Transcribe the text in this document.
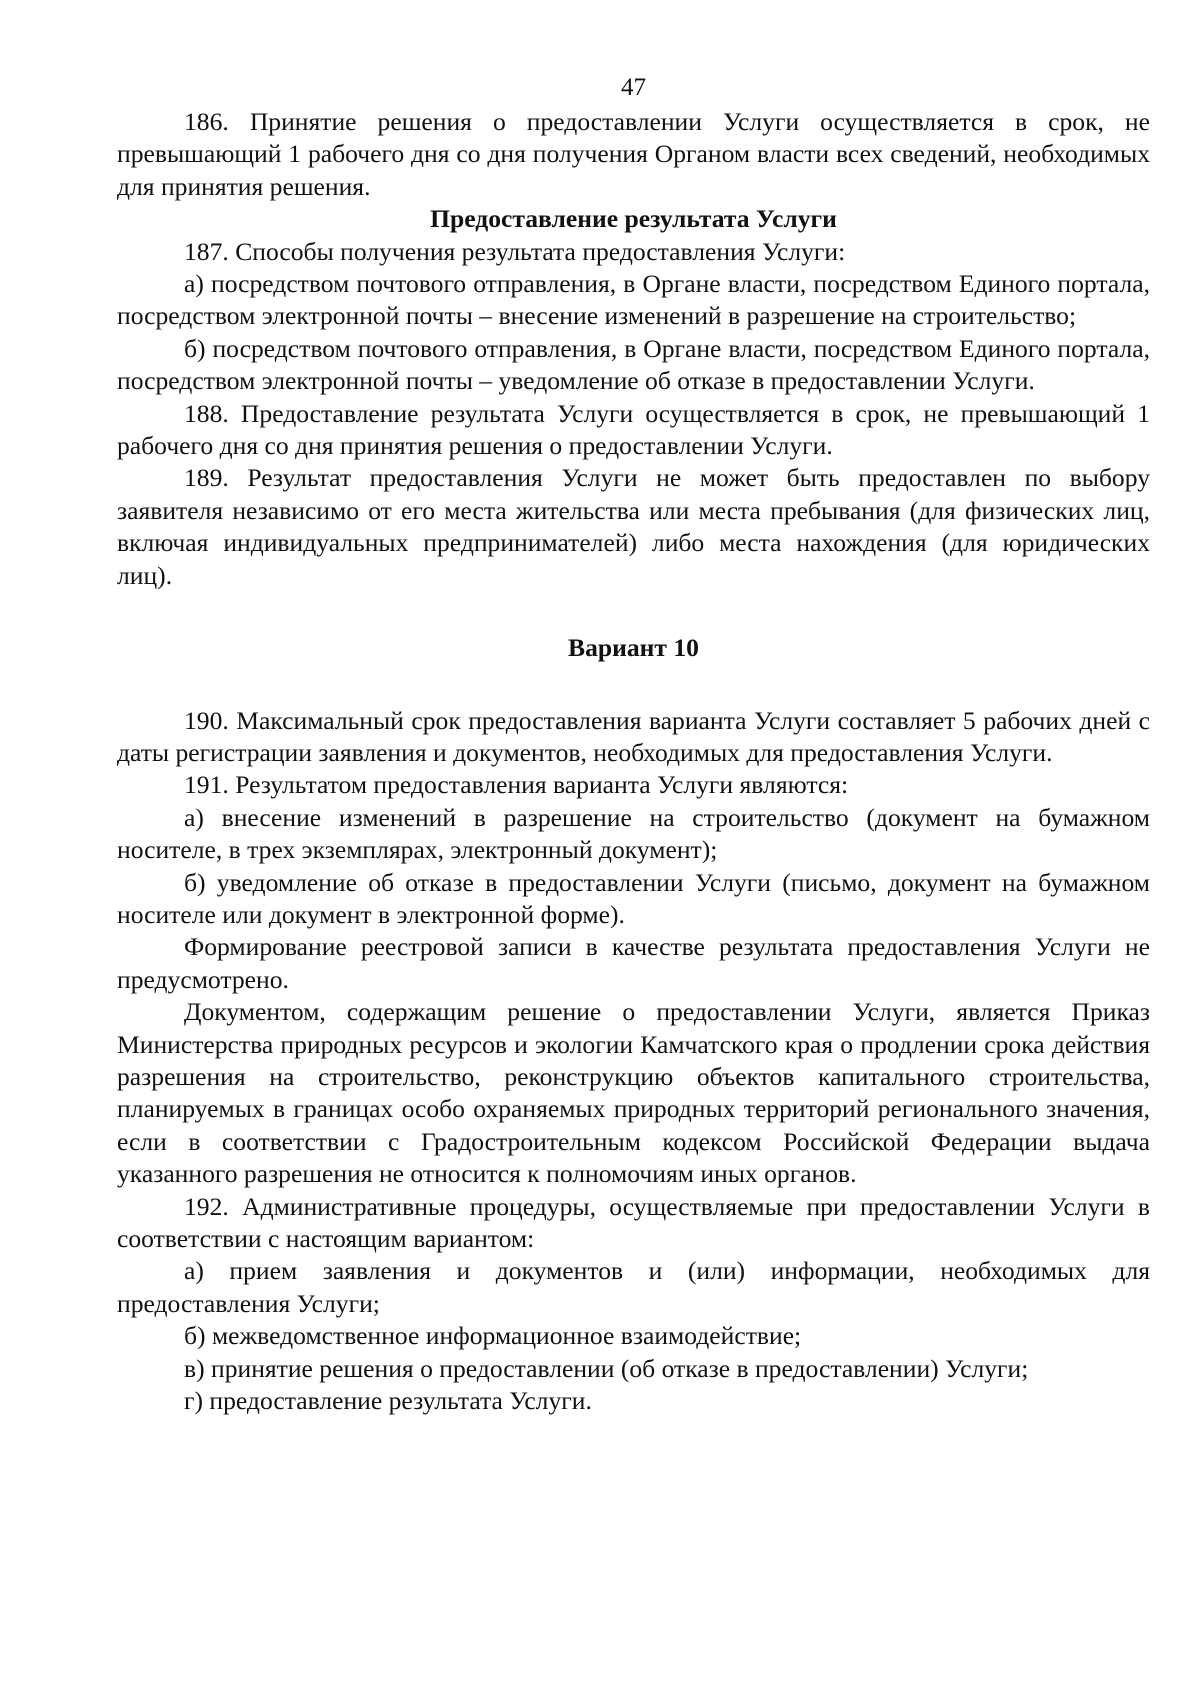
47

186. Принятие решения о предоставлении Услуги осуществляется в срок, не превышающий 1 рабочего дня со дня получения Органом власти всех сведений, необходимых для принятия решения.

Предоставление результата Услуги

187. Способы получения результата предоставления Услуги:

а) посредством почтового отправления, в Органе власти, посредством Единого портала, посредством электронной почты – внесение изменений в разрешение на строительство;

б) посредством почтового отправления, в Органе власти, посредством Единого портала, посредством электронной почты – уведомление об отказе в предоставлении Услуги.

188. Предоставление результата Услуги осуществляется в срок, не превышающий 1 рабочего дня со дня принятия решения о предоставлении Услуги.

189. Результат предоставления Услуги не может быть предоставлен по выбору заявителя независимо от его места жительства или места пребывания (для физических лиц, включая индивидуальных предпринимателей) либо места нахождения (для юридических лиц).

Вариант 10

190. Максимальный срок предоставления варианта Услуги составляет 5 рабочих дней с даты регистрации заявления и документов, необходимых для предоставления Услуги.

191. Результатом предоставления варианта Услуги являются:

а) внесение изменений в разрешение на строительство (документ на бумажном носителе, в трех экземплярах, электронный документ);

б) уведомление об отказе в предоставлении Услуги (письмо, документ на бумажном носителе или документ в электронной форме).

Формирование реестровой записи в качестве результата предоставления Услуги не предусмотрено.

Документом, содержащим решение о предоставлении Услуги, является Приказ Министерства природных ресурсов и экологии Камчатского края о продлении срока действия разрешения на строительство, реконструкцию объектов капитального строительства, планируемых в границах особо охраняемых природных территорий регионального значения, если в соответствии с Градостроительным кодексом Российской Федерации выдача указанного разрешения не относится к полномочиям иных органов.

192. Административные процедуры, осуществляемые при предоставлении Услуги в соответствии с настоящим вариантом:

а) прием заявления и документов и (или) информации, необходимых для предоставления Услуги;

б) межведомственное информационное взаимодействие;

в) принятие решения о предоставлении (об отказе в предоставлении) Услуги;

г) предоставление результата Услуги.
